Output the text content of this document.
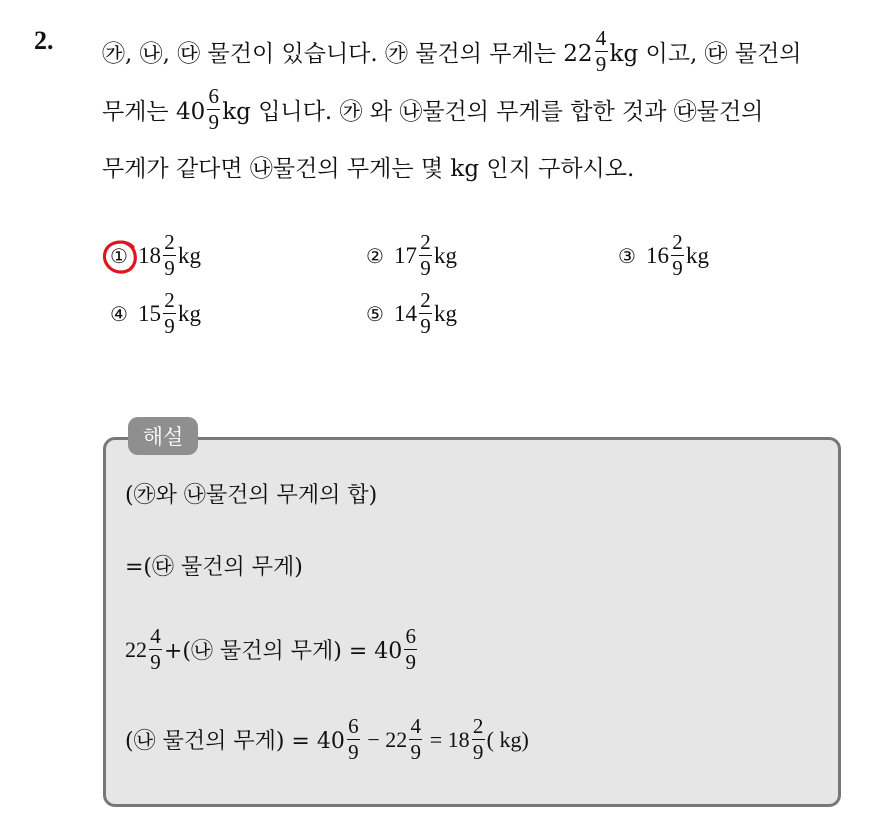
2. ㉮, ㉯, ㉰ 물건이 있습니다. ㉮ 물건의 무게는 $22 \frac{4}{9}$ kg 이고, ㉰ 물건의
무게는 $40 \frac{6}{9}$ kg 입니다. ㉮ 와 ㉯물건의 무게를 합한 것과 ㉰물건의
무게가 같다면 ㉯물건의 무게는 몇 kg 인지 구하시오.
① $18 \frac{2}{9}$ kg	② $17 \frac{2}{9}$ kg	③ $16 \frac{2}{9}$ kg
④ $15 \frac{2}{9}$ kg	⑤ $14 \frac{2}{9}$ kg
해설
(㉮와 ㉯물건의 무게의 합)
=(㉰ 물건의 무게)
$22 \frac{4}{9}$ +(㉯ 물건의 무게) = $40 \frac{6}{9}$
(㉯ 물건의 무게) = $40 \frac{6}{9} - 22 \frac{4}{9} = 18 \frac{2}{9}$ ( kg)
